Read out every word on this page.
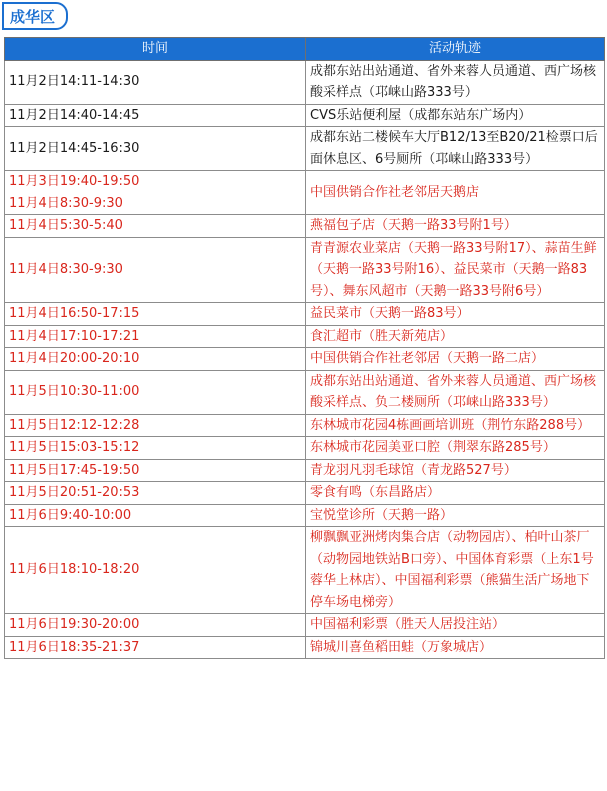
成华区
时间	活动轨迹

11月2日14:11-14:30	成都东站出站通道、省外来蓉人员通道、西广场核酸采样点（邛崃山路333号）

11月2日14:40-14:45	CVS乐站便利屋（成都东站东广场内）

11月2日14:45-16:30	成都东站二楼候车大厅B12/13至B20/21检票口后面休息区、6号厕所（邛崃山路333号）

11月3日19:40-19:50
11月4日8:30-9:30	中国供销合作社老邻居天鹅店

11月4日5:30-5:40	燕福包子店（天鹅一路33号附1号）

11月4日8:30-9:30	青青源农业菜店（天鹅一路33号附17）、蒜苗生鲜（天鹅一路33号附16）、益民菜市（天鹅一路83号）、舞东风超市（天鹅一路33号附6号）

11月4日16:50-17:15	益民菜市（天鹅一路83号）

11月4日17:10-17:21	食汇超市（胜天新苑店）

11月4日20:00-20:10	中国供销合作社老邻居（天鹅一路二店）

11月5日10:30-11:00	成都东站出站通道、省外来蓉人员通道、西广场核酸采样点、负二楼厕所（邛崃山路333号）

11月5日12:12-12:28	东林城市花园4栋画画培训班（荆竹东路288号）

11月5日15:03-15:12	东林城市花园美亚口腔（荆翠东路285号）

11月5日17:45-19:50	青龙羽凡羽毛球馆（青龙路527号）

11月5日20:51-20:53	零食有鸣（东昌路店）

11月6日9:40-10:00	宝悦堂诊所（天鹅一路）

11月6日18:10-18:20	柳飘飘亚洲烤肉集合店（动物园店）、柏叶山茶厂（动物园地铁站B口旁）、中国体育彩票（上东1号蓉华上林店）、中国福利彩票（熊猫生活广场地下停车场电梯旁）

11月6日19:30-20:00	中国福利彩票（胜天人居投注站）

11月6日18:35-21:37	锦城川喜鱼稻田蛙（万象城店）
